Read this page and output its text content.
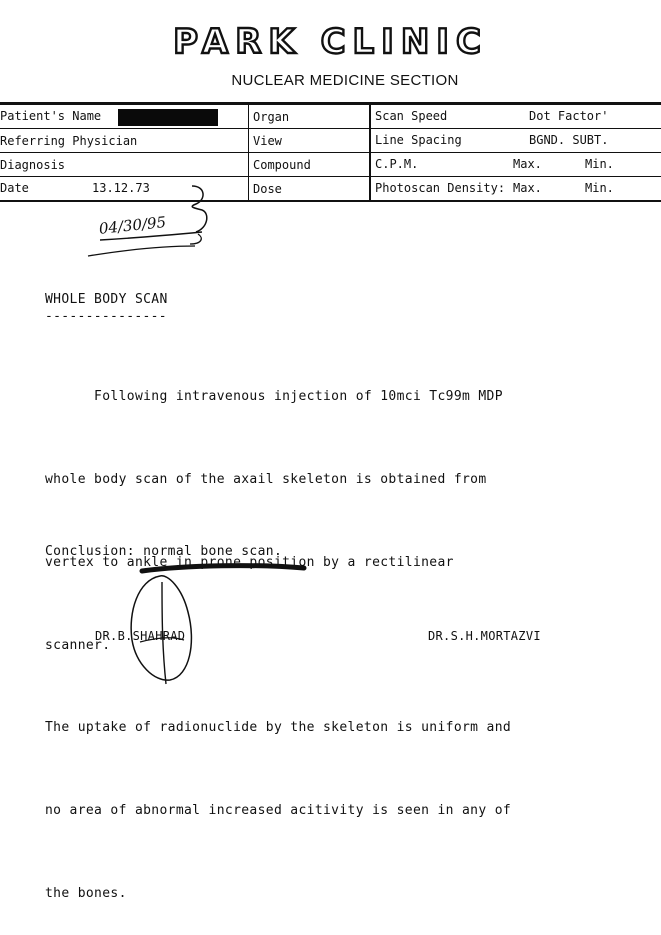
PARK CLINIC
NUCLEAR MEDICINE SECTION
Patient's Name	Organ	Scan Speed Dot Factor'

Referring Physician	View	Line Spacing BGND. SUBT.

Diagnosis	Compound	C.P.M. Max. Min.

Date 13.12.73	Dose	Photoscan Density: Max. Min.
04/30/95
WHOLE BODY SCAN
---------------

Following intravenous injection of 10mci Tc99m MDP

whole body scan of the axail skeleton is obtained from

vertex to ankle in prone position by a rectilinear

scanner.

The uptake of radionuclide by the skeleton is uniform and

no area of abnormal increased acitivity is seen in any of

the bones.

Conclusion: normal bone scan.
DR.B.SHAHRAD	DR.S.H.MORTAZVI
